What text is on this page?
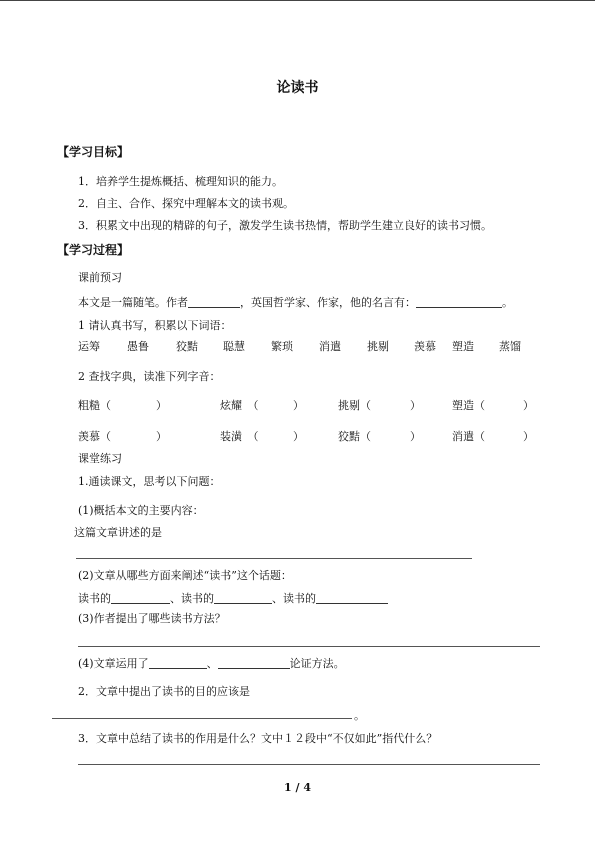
论读书
【学习目标】
1．培养学生提炼概括、梳理知识的能力。
2．自主、合作、探究中理解本文的读书观。
3．积累文中出现的精辟的句子，激发学生读书热情，帮助学生建立良好的读书习惯。
【学习过程】
课前预习
本文是一篇随笔。作者	，英国哲学家、作家，他的名言有：	。
1 请认真书写，积累以下词语：
运筹 愚鲁 狡黠 聪慧 繁琐 消遣 挑剔 羡慕 塑造 蒸馏
2 查找字典，读准下列字音：
粗糙（	）	炫耀　（	）	挑剔（	）	塑造（	）
羡慕（	）	装潢　（	）	狡黠（	）	消遣（	）
课堂练习
1.通读课文，思考以下问题：
(1)概括本文的主要内容：
这篇文章讲述的是
(2)文章从哪些方面来阐述“读书”这个话题：
读书的	、读书的	、读书的
(3)作者提出了哪些读书方法？
(4)文章运用了	、	论证方法。
2．文章中提出了读书的目的应该是
。
3．文章中总结了读书的作用是什么？文中１２段中“不仅如此”指代什么？
1 / 4
